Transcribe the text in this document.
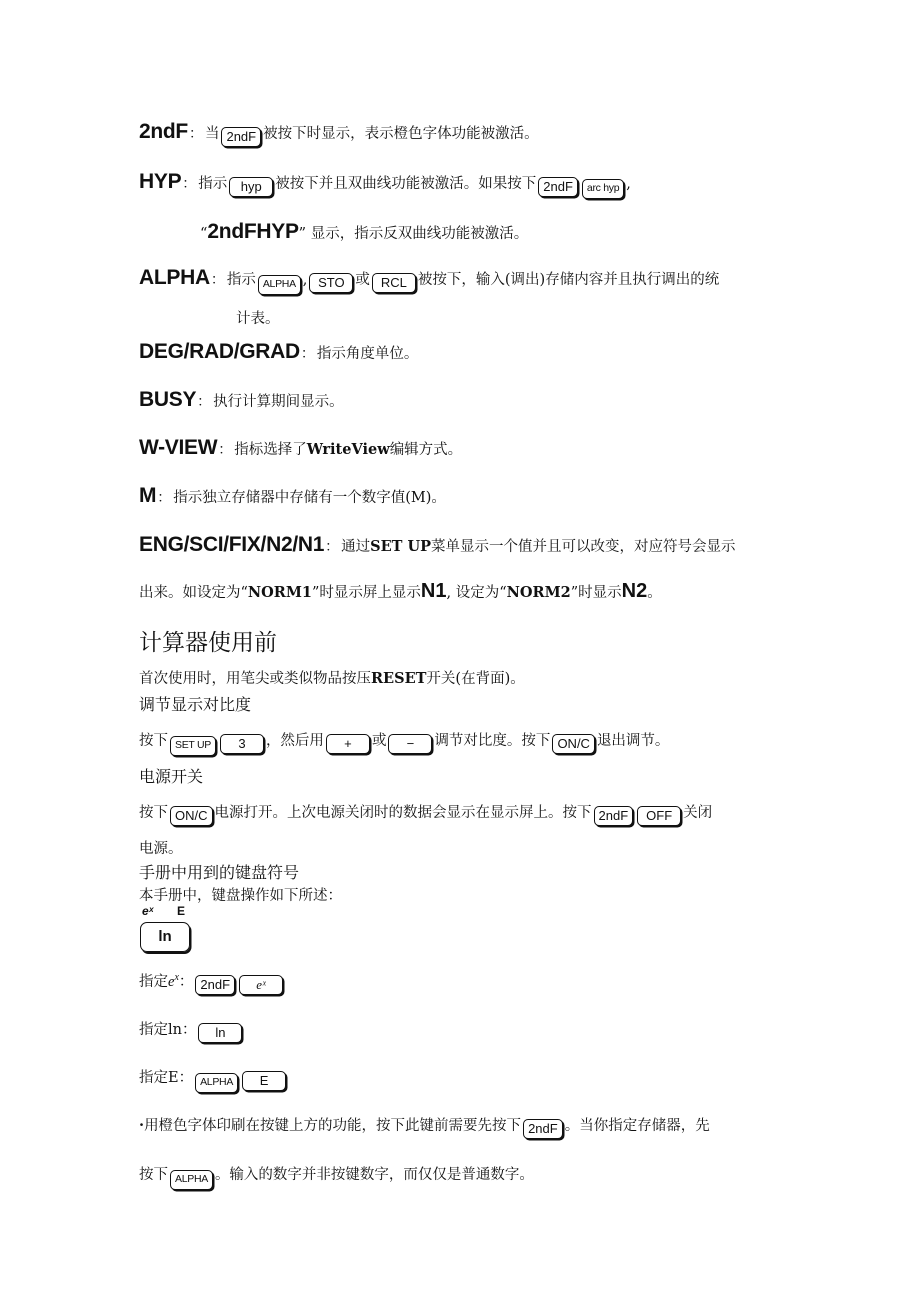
2ndF： 当 2ndF 被按下时显示，表示橙色字体功能被激活。
HYP： 指示 hyp 被按下并且双曲线功能被激活。如果按下 2ndF arc hyp ,
“2ndFHYP” 显示，指示反双曲线功能被激活。
ALPHA： 指示 ALPHA , STO 或 RCL 被按下，输入(调出)存储内容并且执行调出的统
计表。
DEG/RAD/GRAD： 指示角度单位。
BUSY： 执行计算期间显示。
W-VIEW： 指标选择了WriteView编辑方式。
M： 指示独立存储器中存储有一个数字值(M)。
ENG/SCI/FIX/N2/N1： 通过SET UP菜单显示一个值并且可以改变，对应符号会显示
出来。如设定为“NORM1”时显示屏上显示N1, 设定为“NORM2”时显示N2。
计算器使用前
首次使用时，用笔尖或类似物品按压RESET开关(在背面)。
调节显示对比度
按下 SET UP 3 ，然后用 + 或 − 调节对比度。按下 ON/C 退出调节。
电源开关
按下 ON/C 电源打开。上次电源关闭时的数据会显示在显示屏上。按下 2ndF OFF 关闭
电源。
手册中用到的键盘符号
本手册中，键盘操作如下所述：
eˣ E
ln
指定$e^x$： 2ndF eˣ
指定ln： ln
指定E： ALPHA E
·用橙色字体印刷在按键上方的功能，按下此键前需要先按下 2ndF 。当你指定存储器，先
按下 ALPHA 。输入的数字并非按键数字，而仅仅是普通数字。
